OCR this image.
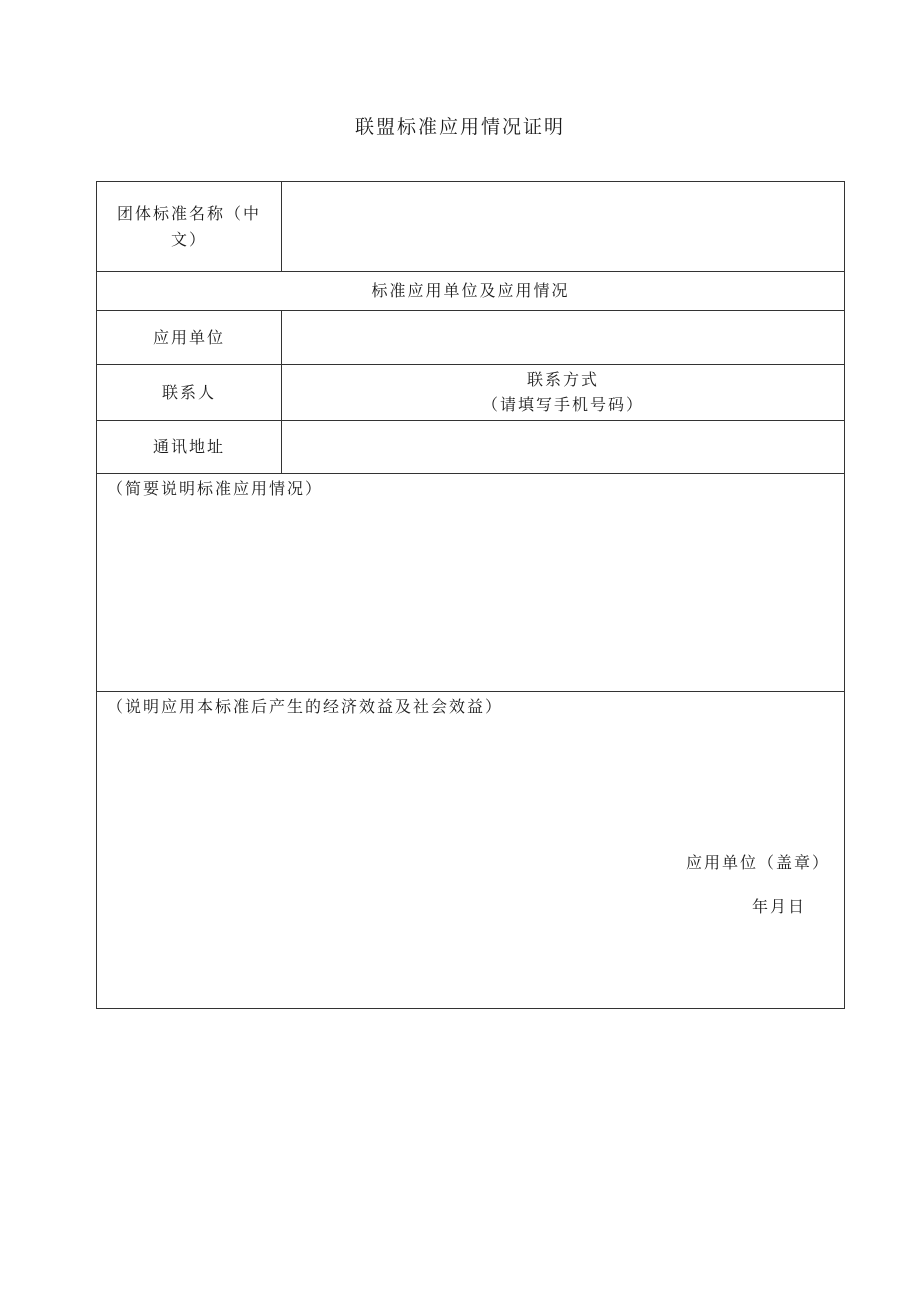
联盟标准应用情况证明
团体标准名称（中文）	

标准应用单位及应用情况	
应用单位	
联系人	联系方式
（请填写手机号码）

通讯地址	

（简要说明标准应用情况）	

（说明应用本标准后产生的经济效益及社会效益）
应用单位（盖章）
年月日	
